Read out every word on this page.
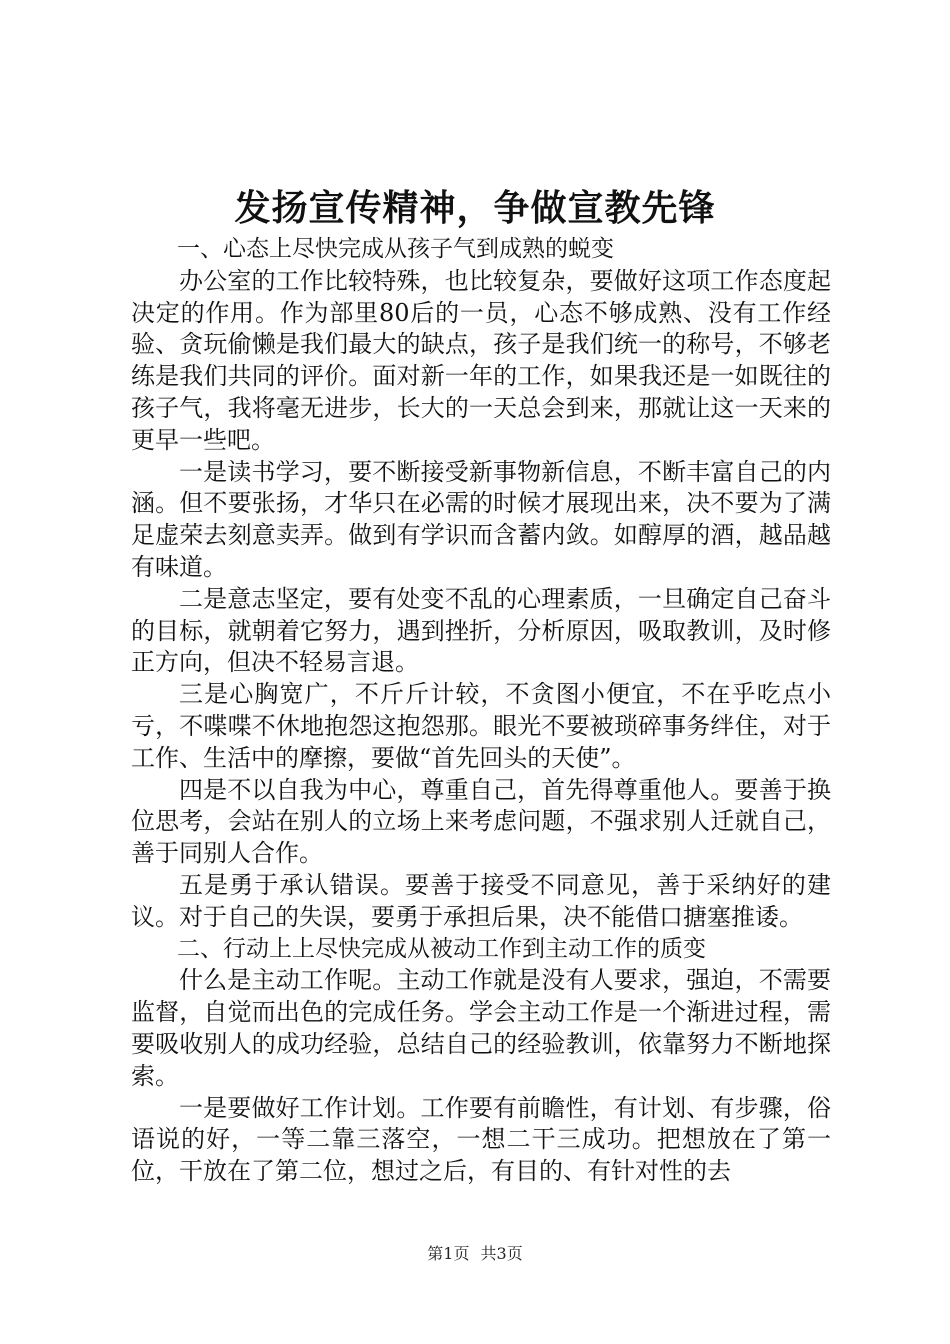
发扬宣传精神，争做宣教先锋

一、心态上尽快完成从孩子气到成熟的蜕变

办公室的工作比较特殊，也比较复杂，要做好这项工作态度起决定的作用。作为部里80后的一员，心态不够成熟、没有工作经验、贪玩偷懒是我们最大的缺点，孩子是我们统一的称号，不够老练是我们共同的评价。面对新一年的工作，如果我还是一如既往的孩子气，我将毫无进步，长大的一天总会到来，那就让这一天来的更早一些吧。

一是读书学习，要不断接受新事物新信息，不断丰富自己的内涵。但不要张扬，才华只在必需的时候才展现出来，决不要为了满足虚荣去刻意卖弄。做到有学识而含蓄内敛。如醇厚的酒，越品越有味道。

二是意志坚定，要有处变不乱的心理素质，一旦确定自己奋斗的目标，就朝着它努力，遇到挫折，分析原因，吸取教训，及时修正方向，但决不轻易言退。

三是心胸宽广，不斤斤计较，不贪图小便宜，不在乎吃点小亏，不喋喋不休地抱怨这抱怨那。眼光不要被琐碎事务绊住，对于工作、生活中的摩擦，要做“首先回头的天使”。

四是不以自我为中心，尊重自己，首先得尊重他人。要善于换位思考，会站在别人的立场上来考虑问题，不强求别人迁就自己，善于同别人合作。

五是勇于承认错误。要善于接受不同意见，善于采纳好的建议。对于自己的失误，要勇于承担后果，决不能借口搪塞推诿。

二、行动上上尽快完成从被动工作到主动工作的质变

什么是主动工作呢。主动工作就是没有人要求，强迫，不需要监督，自觉而出色的完成任务。学会主动工作是一个渐进过程，需要吸收别人的成功经验，总结自己的经验教训，依靠努力不断地探索。

一是要做好工作计划。工作要有前瞻性，有计划、有步骤，俗语说的好，一等二靠三落空，一想二干三成功。把想放在了第一位，干放在了第二位，想过之后，有目的、有针对性的去

第1页 共3页
